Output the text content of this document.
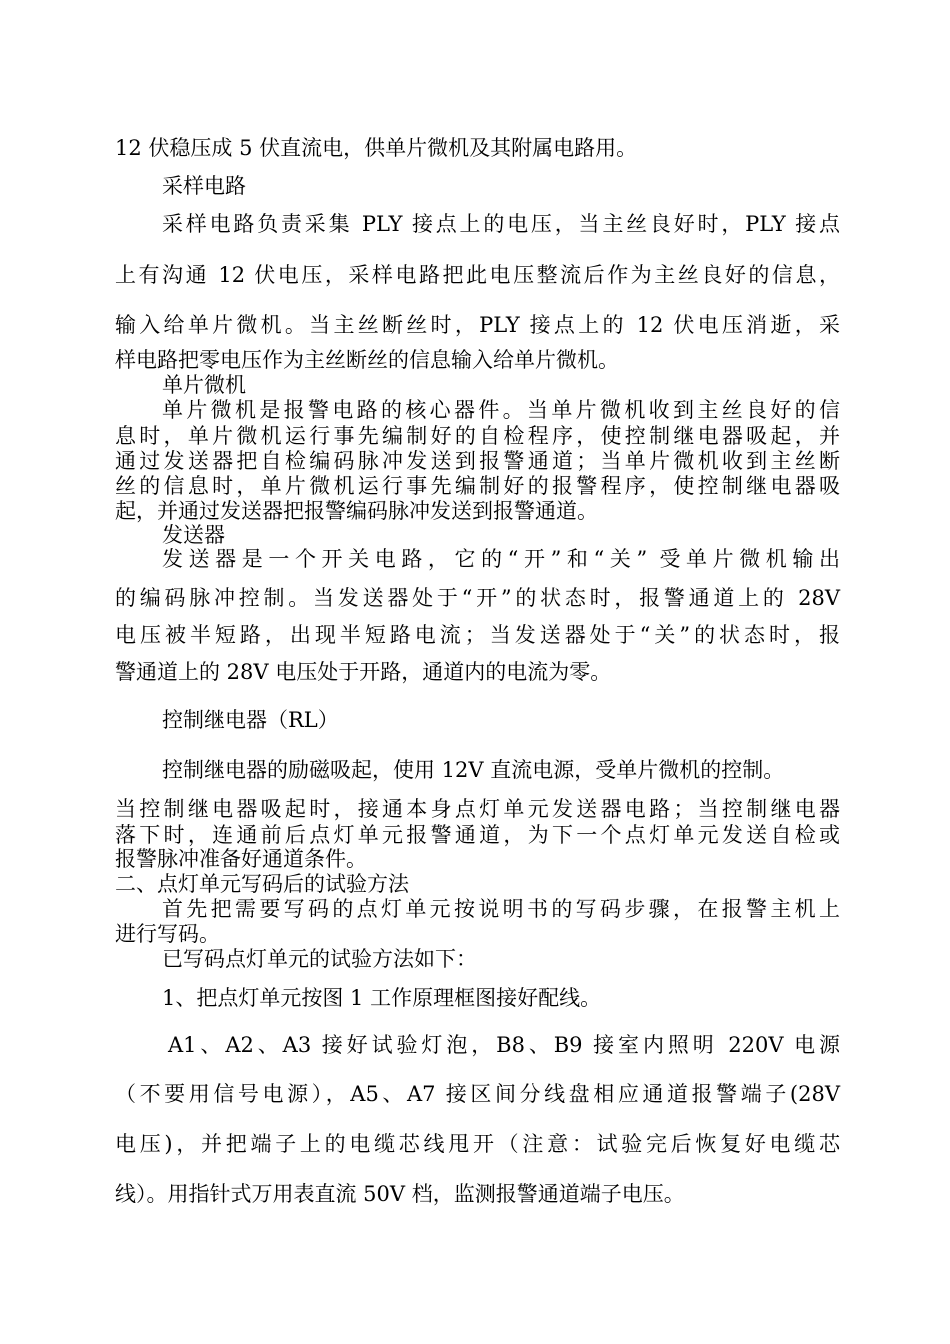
12 伏稳压成 5 伏直流电，供单片微机及其附属电路用。
采样电路
采样电路负责采集 PLY 接点上的电压，当主丝良好时，PLY 接点
上有沟通 12 伏电压，采样电路把此电压整流后作为主丝良好的信息，
输入给单片微机。当主丝断丝时，PLY 接点上的 12 伏电压消逝，采
样电路把零电压作为主丝断丝的信息输入给单片微机。
单片微机
单片微机是报警电路的核心器件。当单片微机收到主丝良好的信
息时，单片微机运行事先编制好的自检程序，使控制继电器吸起，并
通过发送器把自检编码脉冲发送到报警通道；当单片微机收到主丝断
丝的信息时，单片微机运行事先编制好的报警程序，使控制继电器吸
起，并通过发送器把报警编码脉冲发送到报警通道。
发送器
发送器是一个开关电路，它的“开”和“关” 受单片微机输出
的编码脉冲控制。当发送器处于“开”的状态时，报警通道上的 28V
电压被半短路，出现半短路电流；当发送器处于“关”的状态时，报
警通道上的 28V 电压处于开路，通道内的电流为零。
控制继电器（RL）
控制继电器的励磁吸起，使用 12V 直流电源，受单片微机的控制。
当控制继电器吸起时，接通本身点灯单元发送器电路；当控制继电器
落下时，连通前后点灯单元报警通道，为下一个点灯单元发送自检或
报警脉冲准备好通道条件。
二、点灯单元写码后的试验方法
首先把需要写码的点灯单元按说明书的写码步骤，在报警主机上
进行写码。
已写码点灯单元的试验方法如下：
1、把点灯单元按图 1 工作原理框图接好配线。
A1、A2、A3 接好试验灯泡，B8、B9 接室内照明 220V 电源
（不要用信号电源），A5、A7 接区间分线盘相应通道报警端子(28V
电压)，并把端子上的电缆芯线甩开（注意：试验完后恢复好电缆芯
线）。用指针式万用表直流 50V 档，监测报警通道端子电压。
